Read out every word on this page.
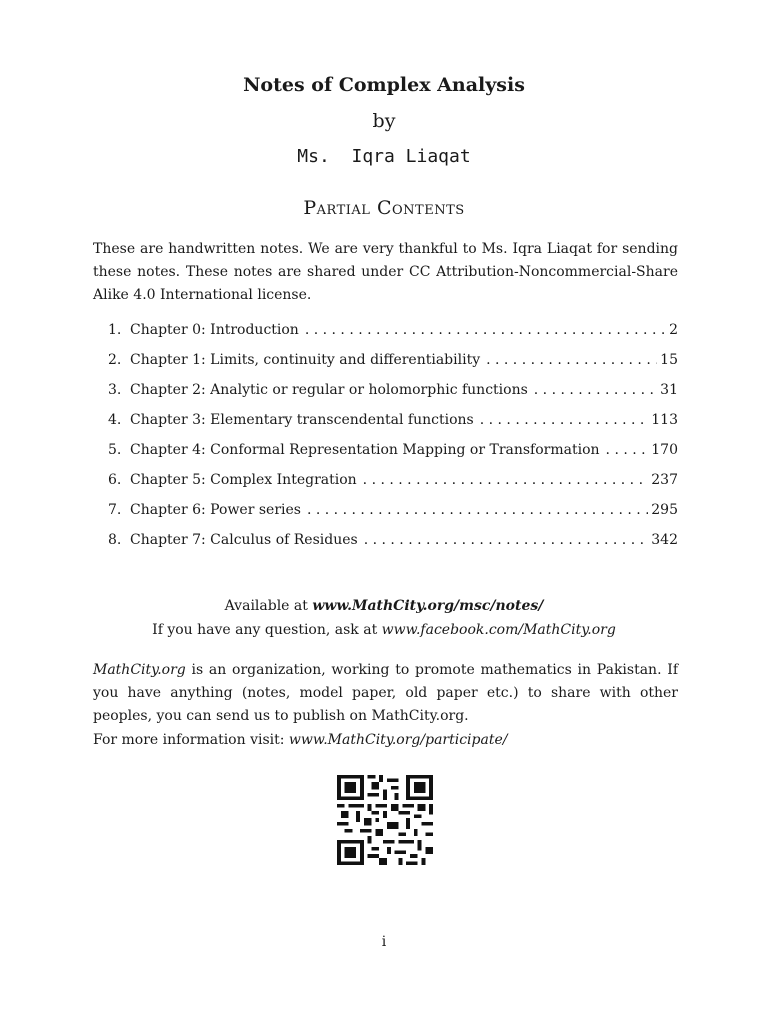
Notes of Complex Analysis
by
Ms.  Iqra Liaqat
Partial Contents
These are handwritten notes. We are very thankful to Ms. Iqra Liaqat for sending these notes. These notes are shared under CC Attribution-Noncommercial-Share Alike 4.0 International license.
1. Chapter 0: Introduction . . .	2
2. Chapter 1: Limits, continuity and differentiability . . .	15
3. Chapter 2: Analytic or regular or holomorphic functions . . .	31
4. Chapter 3: Elementary transcendental functions . . .	113
5. Chapter 4: Conformal Representation Mapping or Transformation . . .	170
6. Chapter 5: Complex Integration . . .	237
7. Chapter 6: Power series . . .	295
8. Chapter 7: Calculus of Residues . . .	342
Available at www.MathCity.org/msc/notes/
If you have any question, ask at www.facebook.com/MathCity.org
MathCity.org is an organization, working to promote mathematics in Pakistan. If you have anything (notes, model paper, old paper etc.) to share with other peoples, you can send us to publish on MathCity.org.
For more information visit: www.MathCity.org/participate/
i
